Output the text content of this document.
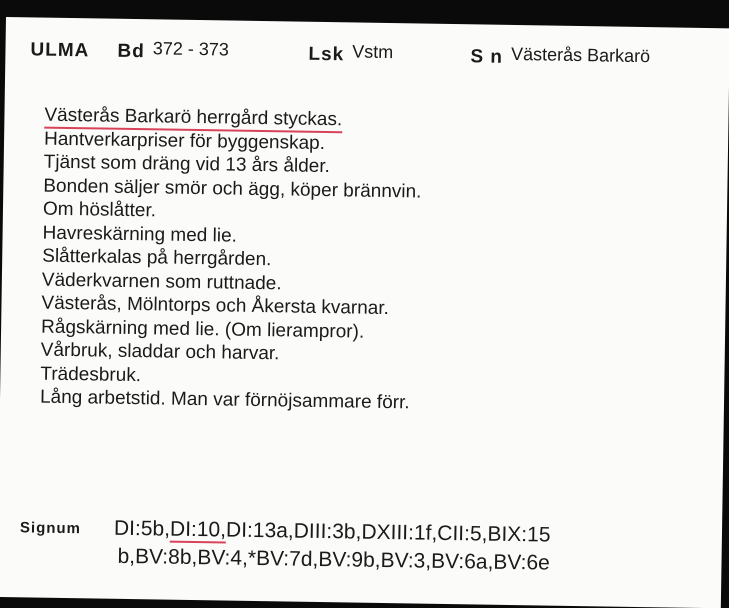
ULMA Bd 372 - 373	Lsk Vstm	S n Västerås Barkarö
Västerås Barkarö herrgård styckas.
Hantverkarpriser för byggenskap.
Tjänst som dräng vid 13 års ålder.
Bonden säljer smör och ägg, köper brännvin.
Om höslåtter.
Havreskärning med lie.
Slåtterkalas på herrgården.
Väderkvarnen som ruttnade.
Västerås, Mölntorps och Åkersta kvarnar.
Rågskärning med lie. (Om lierampror).
Vårbruk, sladdar och harvar.
Trädesbruk.
Lång arbetstid. Man var förnöjsammare förr.
Signum DI:5b,DI:10,DI:13a,DIII:3b,DXIII:1f,CII:5,BIX:15
b,BV:8b,BV:4,*BV:7d,BV:9b,BV:3,BV:6a,BV:6e
